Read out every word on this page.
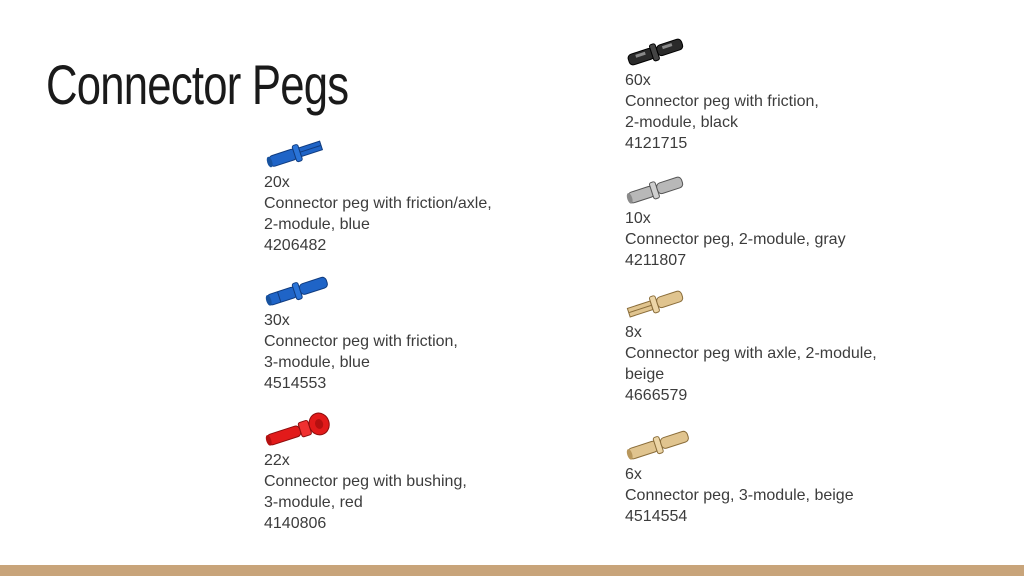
Connector Pegs
20x
Connector peg with friction/axle,
2-module, blue
4206482
30x
Connector peg with friction,
3-module, blue
4514553
22x
Connector peg with bushing,
3-module, red
4140806
60x
Connector peg with friction,
2-module, black
4121715
10x
Connector peg, 2-module, gray
4211807
8x
Connector peg with axle, 2-module,
beige
4666579
6x
Connector peg, 3-module, beige
4514554
